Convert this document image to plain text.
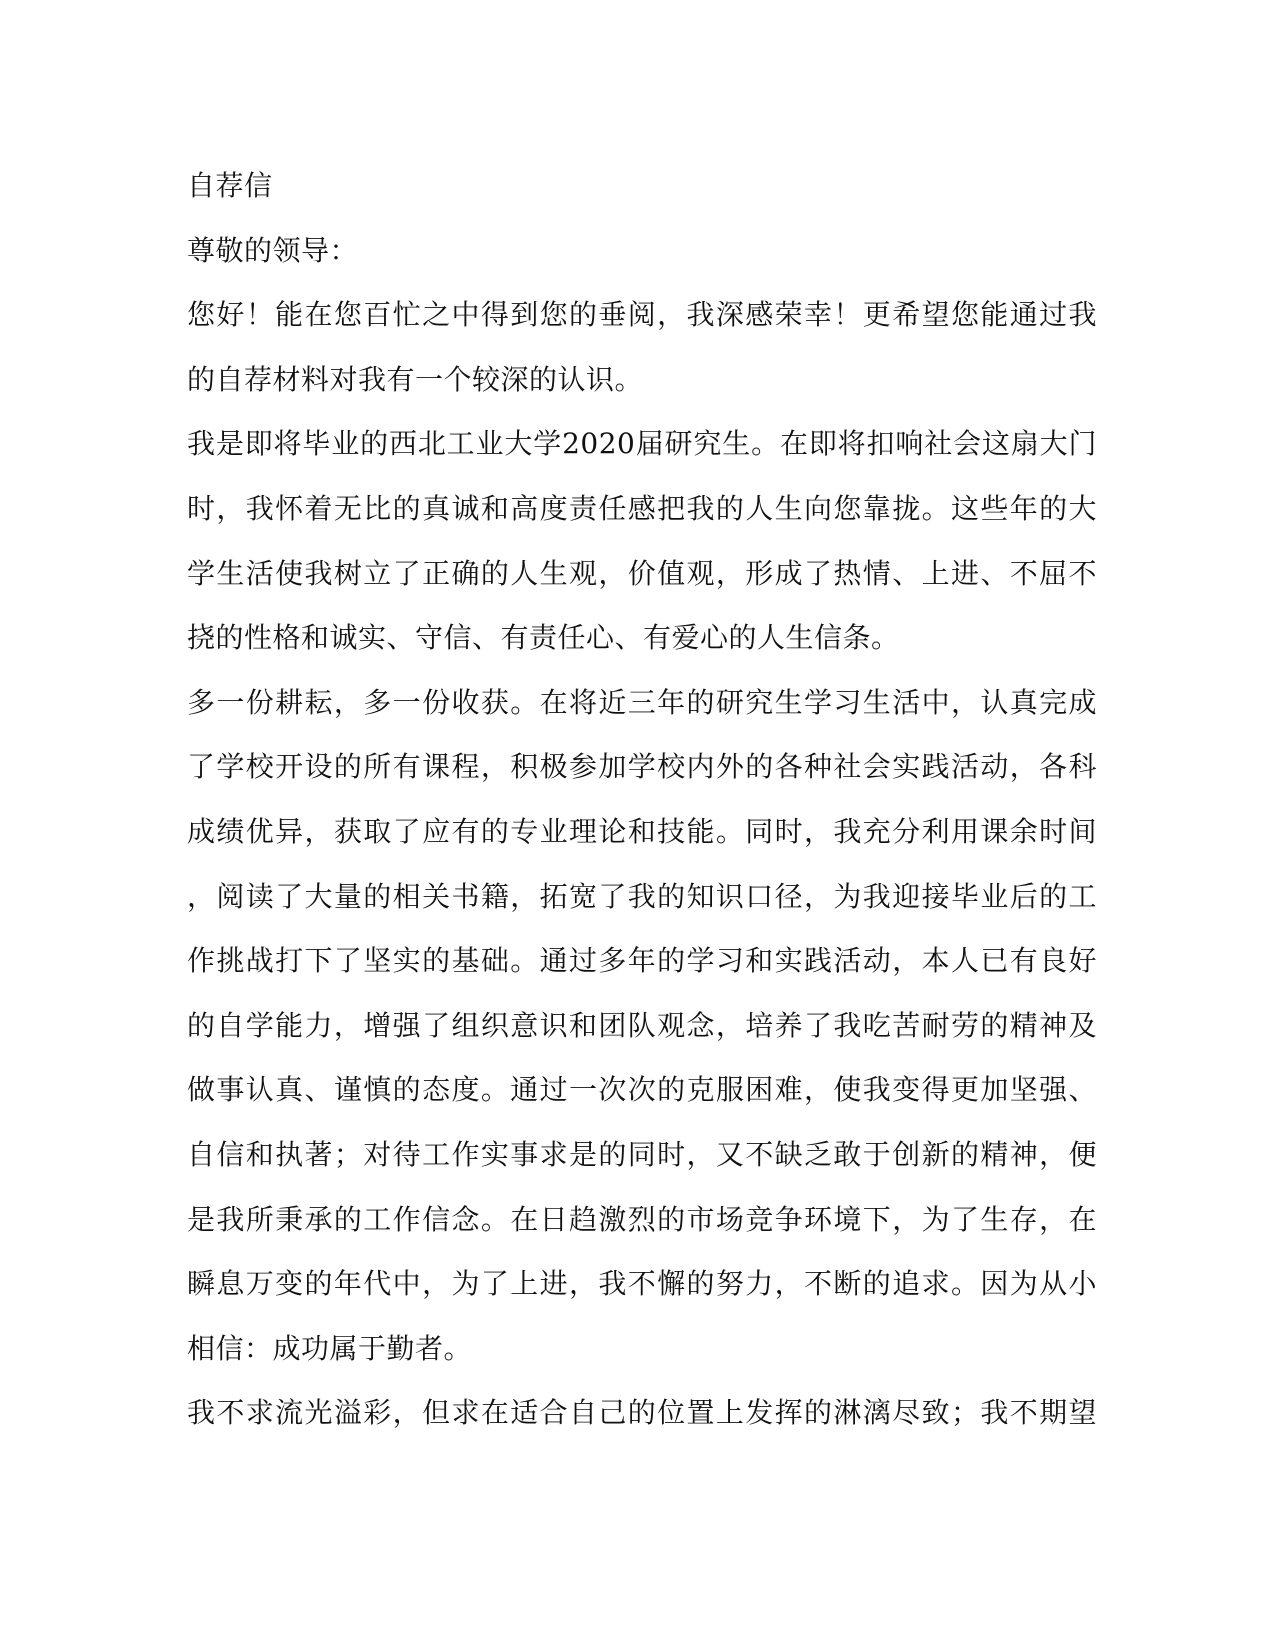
自荐信
尊敬的领导：
您好！能在您百忙之中得到您的垂阅，我深感荣幸！更希望您能通过我
的自荐材料对我有一个较深的认识。
我是即将毕业的西北工业大学2020届研究生。在即将扣响社会这扇大门
时，我怀着无比的真诚和高度责任感把我的人生向您靠拢。这些年的大
学生活使我树立了正确的人生观，价值观，形成了热情、上进、不屈不
挠的性格和诚实、守信、有责任心、有爱心的人生信条。
多一份耕耘，多一份收获。在将近三年的研究生学习生活中，认真完成
了学校开设的所有课程，积极参加学校内外的各种社会实践活动，各科
成绩优异，获取了应有的专业理论和技能。同时，我充分利用课余时间
，阅读了大量的相关书籍，拓宽了我的知识口径，为我迎接毕业后的工
作挑战打下了坚实的基础。通过多年的学习和实践活动，本人已有良好
的自学能力，增强了组织意识和团队观念，培养了我吃苦耐劳的精神及
做事认真、谨慎的态度。通过一次次的克服困难，使我变得更加坚强、
自信和执著；对待工作实事求是的同时，又不缺乏敢于创新的精神，便
是我所秉承的工作信念。在日趋激烈的市场竞争环境下，为了生存，在
瞬息万变的年代中，为了上进，我不懈的努力，不断的追求。因为从小
相信：成功属于勤者。
我不求流光溢彩，但求在适合自己的位置上发挥的淋漓尽致；我不期望
